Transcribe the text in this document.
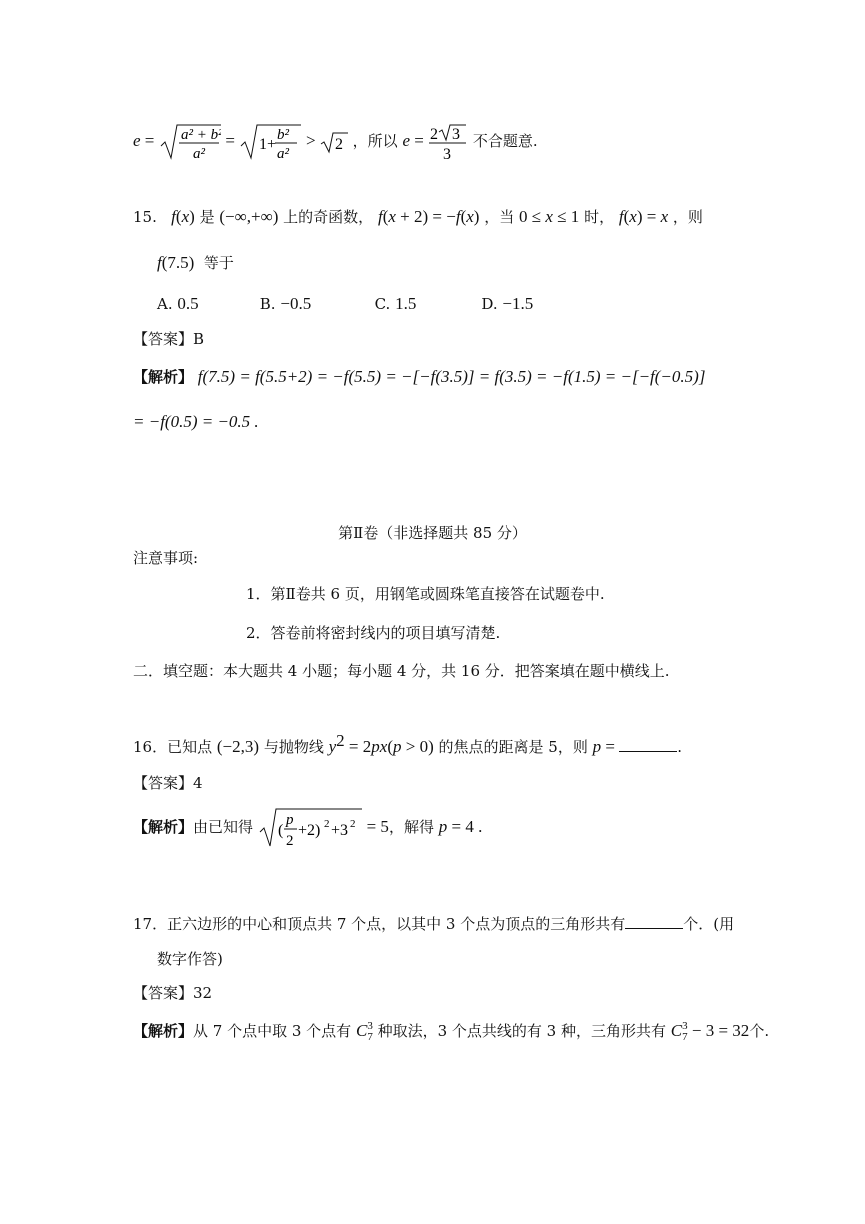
e = a² + b²
a²
= 1+
b²
a²
> 2 ，所以 e = 2 3
3
不合题意.
15. f(x) 是 (−∞,+∞) 上的奇函数， f(x + 2) = −f(x) ，当 0 ≤ x ≤ 1 时， f(x) = x ，则
f(7.5) 等于
A. 0.5	B. −0.5	C. 1.5	D. −1.5
【答案】B
【解析】 f(7.5) = f(5.5+2) = −f(5.5) = −[−f(3.5)] = f(3.5) = −f(1.5) = −[−f(−0.5)]
= −f(0.5) = −0.5 .
第Ⅱ卷（非选择题共 85 分）
注意事项:
1．第Ⅱ卷共 6 页，用钢笔或圆珠笔直接答在试题卷中.
2．答卷前将密封线内的项目填写清楚.
二．填空题：本大题共 4 小题；每小题 4 分，共 16 分．把答案填在题中横线上.
16．已知点 (−2,3) 与抛物线 $y^2 = 2px(p > 0)$ 的焦点的距离是 5，则 p =	.
【答案】4
【解析】由已知得 (
p
2
+2) 2 +3 2 = 5，解得 p = 4 .
17．正六边形的中心和顶点共 7 个点，以其中 3 个点为顶点的三角形共有	个．(用
数字作答)
【答案】32
【解析】从 7 个点中取 3 个点有 C 3
7 种取法，3 个点共线的有 3 种，三角形共有 C 3
7 − 3 = 32个.
